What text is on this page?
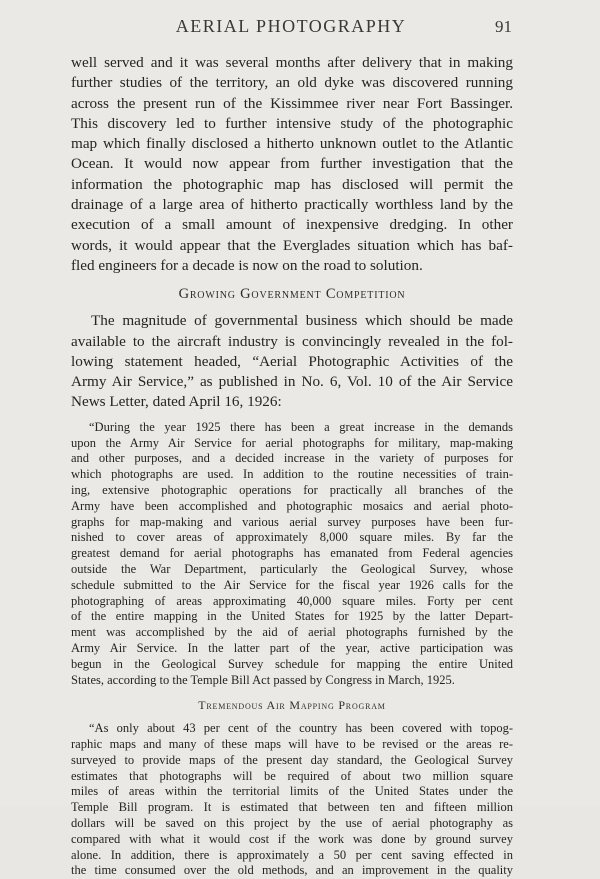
AERIAL PHOTOGRAPHY	91
well served and it was several months after delivery that in making
further studies of the territory, an old dyke was discovered running
across the present run of the Kissimmee river near Fort Bassinger.
This discovery led to further intensive study of the photographic
map which finally disclosed a hitherto unknown outlet to the Atlantic
Ocean. It would now appear from further investigation that the
information the photographic map has disclosed will permit the
drainage of a large area of hitherto practically worthless land by the
execution of a small amount of inexpensive dredging. In other
words, it would appear that the Everglades situation which has baf-
fled engineers for a decade is now on the road to solution.
Growing Government Competition
The magnitude of governmental business which should be made
available to the aircraft industry is convincingly revealed in the fol-
lowing statement headed, “Aerial Photographic Activities of the
Army Air Service,” as published in No. 6, Vol. 10 of the Air Service
News Letter, dated April 16, 1926:
“During the year 1925 there has been a great increase in the demands
upon the Army Air Service for aerial photographs for military, map-making
and other purposes, and a decided increase in the variety of purposes for
which photographs are used. In addition to the routine necessities of train-
ing, extensive photographic operations for practically all branches of the
Army have been accomplished and photographic mosaics and aerial photo-
graphs for map-making and various aerial survey purposes have been fur-
nished to cover areas of approximately 8,000 square miles. By far the
greatest demand for aerial photographs has emanated from Federal agencies
outside the War Department, particularly the Geological Survey, whose
schedule submitted to the Air Service for the fiscal year 1926 calls for the
photographing of areas approximating 40,000 square miles. Forty per cent
of the entire mapping in the United States for 1925 by the latter Depart-
ment was accomplished by the aid of aerial photographs furnished by the
Army Air Service. In the latter part of the year, active participation was
begun in the Geological Survey schedule for mapping the entire United
States, according to the Temple Bill Act passed by Congress in March, 1925.
Tremendous Air Mapping Program
“As only about 43 per cent of the country has been covered with topog-
raphic maps and many of these maps will have to be revised or the areas re-
surveyed to provide maps of the present day standard, the Geological Survey
estimates that photographs will be required of about two million square
miles of areas within the territorial limits of the United States under the
Temple Bill program. It is estimated that between ten and fifteen million
dollars will be saved on this project by the use of aerial photography as
compared with what it would cost if the work was done by ground survey
alone. In addition, there is approximately a 50 per cent saving effected in
the time consumed over the old methods, and an improvement in the quality
